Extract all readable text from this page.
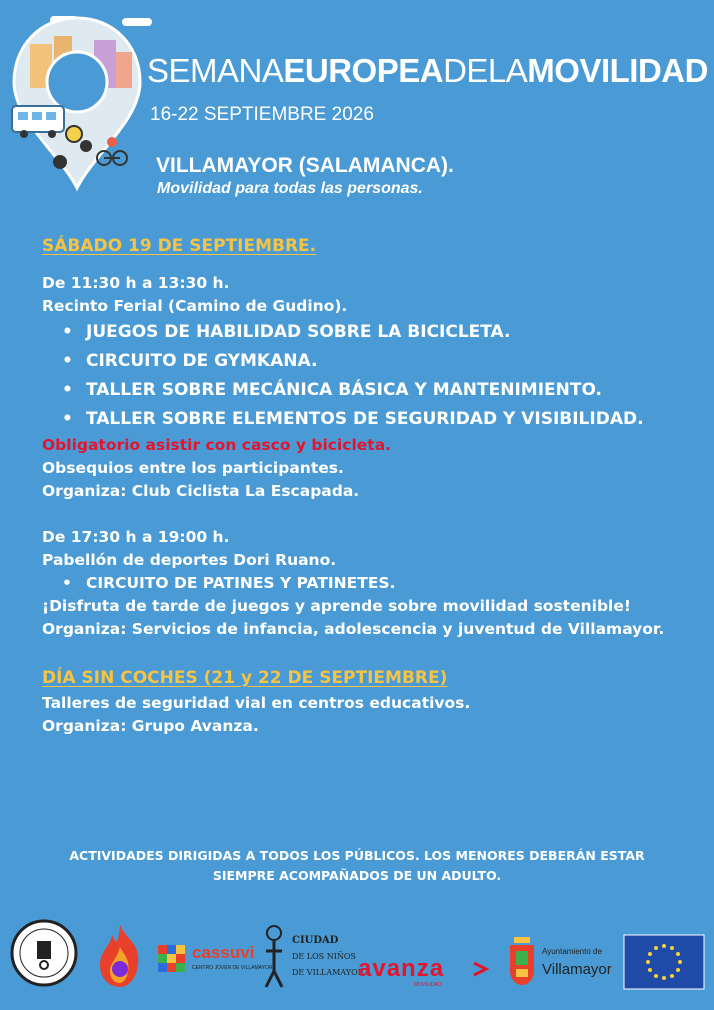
SEMANAEUROPEADELAMOVILIDAD
16-22 SEPTIEMBRE 2026
VILLAMAYOR (SALAMANCA).
Movilidad para todas las personas.
SÁBADO 19 DE SEPTIEMBRE.
De 11:30 h a 13:30 h.
Recinto Ferial (Camino de Gudino).
• JUEGOS DE HABILIDAD SOBRE LA BICICLETA.
• CIRCUITO DE GYMKANA.
• TALLER SOBRE MECÁNICA BÁSICA Y MANTENIMIENTO.
• TALLER SOBRE ELEMENTOS DE SEGURIDAD Y VISIBILIDAD.
Obligatorio asistir con casco y bicicleta.
Obsequios entre los participantes.
Organiza: Club Ciclista La Escapada.
De 17:30 h a 19:00 h.
Pabellón de deportes Dori Ruano.
• CIRCUITO DE PATINES Y PATINETES.
¡Disfruta de tarde de juegos y aprende sobre movilidad sostenible!
Organiza: Servicios de infancia, adolescencia y juventud de Villamayor.
DÍA SIN COCHES (21 y 22 DE SEPTIEMBRE)
Talleres de seguridad vial en centros educativos.
Organiza: Grupo Avanza.
ACTIVIDADES DIRIGIDAS A TODOS LOS PÚBLICOS. LOS MENORES DEBERÁN ESTAR
SIEMPRE ACOMPAÑADOS DE UN ADULTO.
cassuvi
CENTRO JOVEN DE VILLAMAYOR
CIUDAD
DE LOS NIÑOS
DE VILLAMAYOR
avanza
MOVILIDAD
Ayuntamiento de
Villamayor
